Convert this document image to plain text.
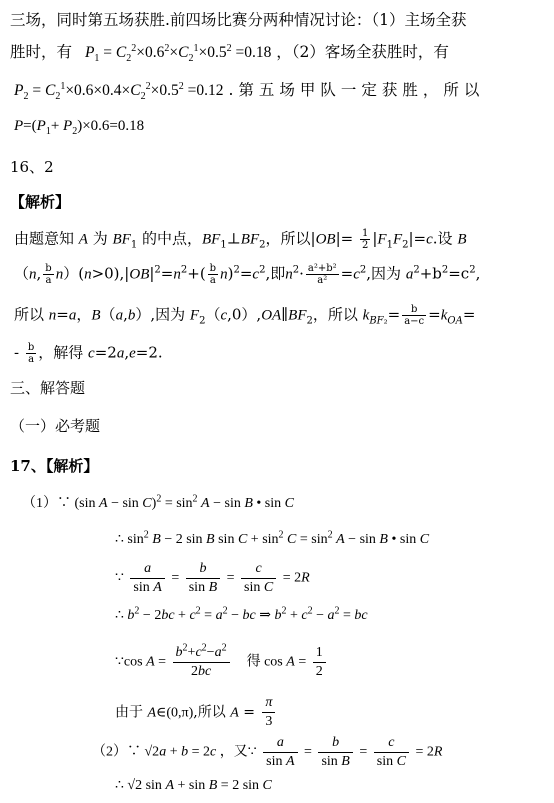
三场，同时第五场获胜.前四场比赛分两种情况讨论：（1）主场全获
胜时，有 $P_1 = C_2^2\times 0.6^2\times C_2^1\times 0.5^2 =0.18$ ，（2）客场全获胜时，有
$P_2 = C_2^1\times 0.6\times 0.4\times C_2^2\times 0.5^2 =0.12$ .第五场甲队一定获胜，所以
$P=(P_1+ P_2)\times 0.6=0.18$
16、2
【解析】
由题意知 A 为 $BF_1$ 的中点，$BF_1\perp BF_2$，所以$|OB|= \frac{1}{2} |F_1F_2|=c$.设 B
（n, $\frac{b}{a} n)(n>0),|OB|^2=n^2+( \frac{b}{a} n)^2=c^2$,即$n^2\cdot \frac{\text{a²+b²}}{\text{a²}} =c^2$,因为 $a^2+b^2=c^2$,
所以 n=a，B（a,b）,因为 $F_2(c,0),OA\parallel BF_2$，所以 $k_{BF_2}= \frac{b}{a-c} =k_{OA}=$
- $\frac{b}{a}$ ，解得 c=2a,e=2.
三、解答题
（一）必考题
17、【解析】
（1）∵ (sin $A - \sin C)^2 = \sin^2 A - \sin B$ • sin C
∴ $\sin^2 B - 2$ sin B $\sin C + \sin^2 C = \sin^2 A - \sin B$ • sin C
∵ $\frac{a}{\text{sin A}} = \frac{b}{\text{sin B}} = \frac{c}{\text{sin C}} = 2R$
∴ $b^2 - 2bc + c^2 = a^2$ − bc ⇒ $b^2 + c^2 - a^2$ = bc
∵cos $A = \frac{b^2+c^2-a^2}{2bc}$ 得 $\cos A = \frac{1}{2}$
由于 A∈(0,π),所以 $A = \frac{\pi}{3}$
（2）∵ √2a + b = 2c ，又∵ $\frac{a}{\text{sin A}} = \frac{b}{\text{sin B}} = \frac{c}{\text{sin C}} = 2R$
∴ √2 sin A + sin B = 2 sin C
